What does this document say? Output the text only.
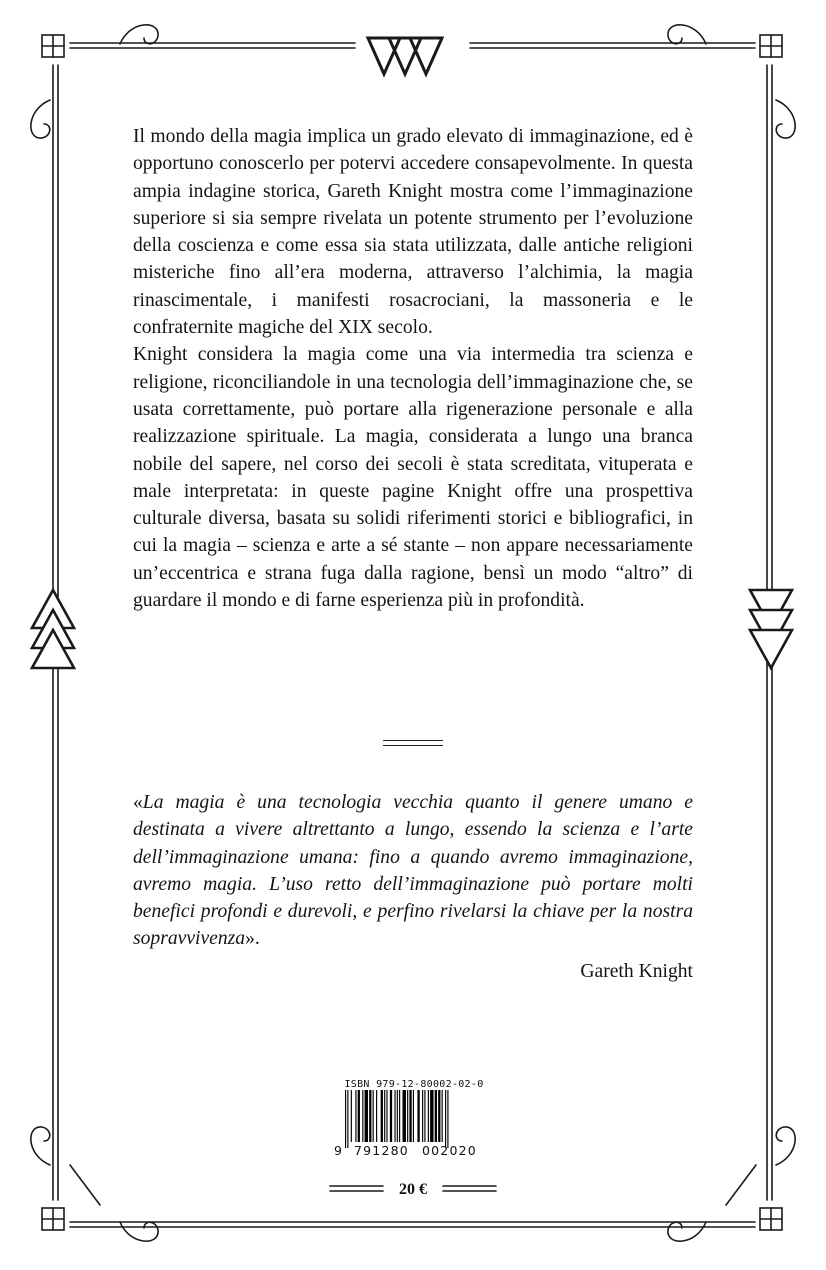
Il mondo della magia implica un grado elevato di immaginazione, ed è opportuno conoscerlo per potervi accedere consapevolmente. In questa ampia indagine storica, Gareth Knight mostra come l’immaginazione superiore si sia sempre rivelata un potente strumento per l’evoluzione della coscienza e come essa sia stata utilizzata, dalle antiche religioni misteriche fino all’era moderna, attraverso l’alchimia, la magia rinascimentale, i manifesti rosacrociani, la massoneria e le confraternite magiche del XIX secolo.

Knight considera la magia come una via intermedia tra scienza e religione, riconciliandole in una tecnologia dell’immaginazione che, se usata correttamente, può portare alla rigenerazione personale e alla realizzazione spirituale. La magia, considerata a lungo una branca nobile del sapere, nel corso dei secoli è stata screditata, vituperata e male interpretata: in queste pagine Knight offre una prospettiva culturale diversa, basata su solidi riferimenti storici e bibliografici, in cui la magia – scienza e arte a sé stante – non appare necessariamente un’eccentrica e strana fuga dalla ragione, bensì un modo “altro” di guardare il mondo e di farne esperienza più in profondità.

«La magia è una tecnologia vecchia quanto il genere umano e destinata a vivere altrettanto a lungo, essendo la scienza e l’arte dell’immaginazione umana: fino a quando avremo immaginazione, avremo magia. L’uso retto dell’immaginazione può portare molti benefici profondi e durevoli, e perfino rivelarsi la chiave per la nostra sopravvivenza».

Gareth Knight
ISBN 979-12-80002-02-0
9 791280 002020
20 €
